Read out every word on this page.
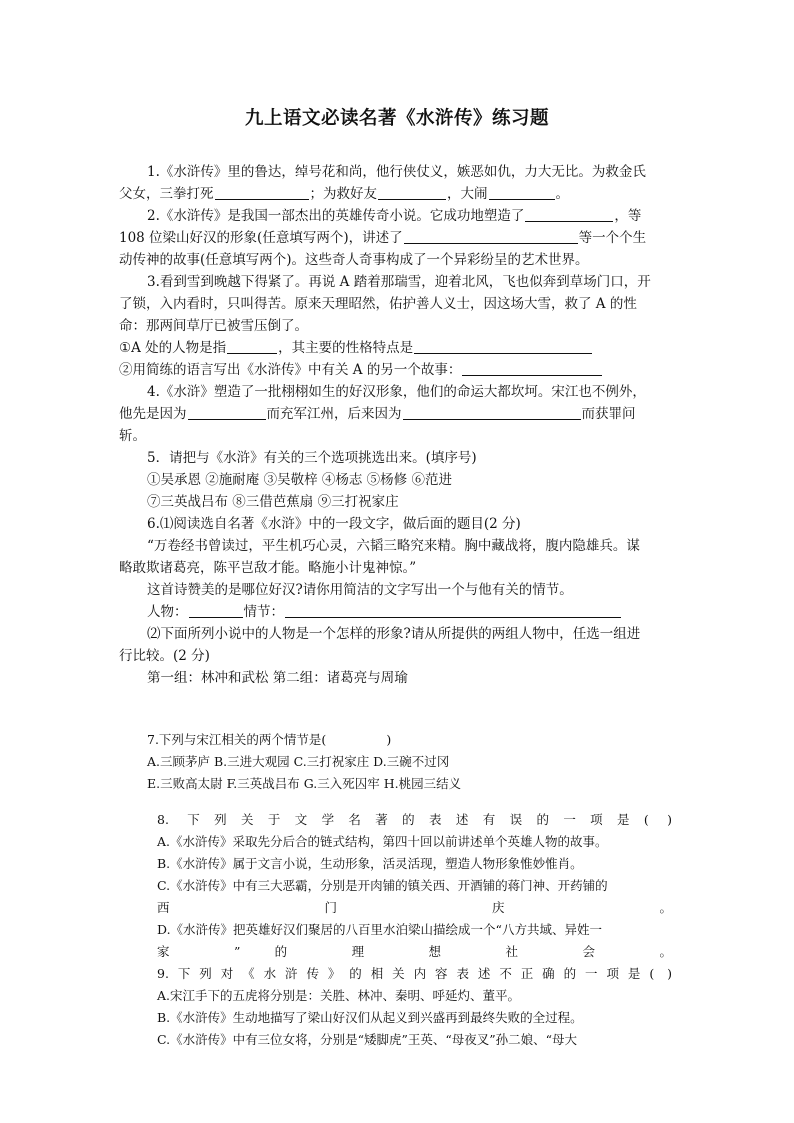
九上语文必读名著《水浒传》练习题
1.《水浒传》里的鲁达，绰号花和尚，他行侠仗义，嫉恶如仇，力大无比。为救金氏
父女，三拳打死	；为救好友	，大闹	。
2.《水浒传》是我国一部杰出的英雄传奇小说。它成功地塑造了	，等
108 位梁山好汉的形象(任意填写两个)，讲述了	等一个个生
动传神的故事(任意填写两个)。这些奇人奇事构成了一个异彩纷呈的艺术世界。
3.看到雪到晚越下得紧了。再说 A 踏着那瑞雪，迎着北风，飞也似奔到草场门口，开
了锁，入内看时，只叫得苦。原来天理昭然，佑护善人义士，因这场大雪，救了 A 的性
命：那两间草厅已被雪压倒了。
①A 处的人物是指	，其主要的性格特点是
②用简练的语言写出《水浒传》中有关 A 的另一个故事：
4.《水浒》塑造了一批栩栩如生的好汉形象，他们的命运大都坎坷。宋江也不例外，
他先是因为	而充军江州，后来因为	而获罪问
斩。
5．请把与《水浒》有关的三个选项挑选出来。(填序号)
①吴承恩 ②施耐庵 ③吴敬梓 ④杨志 ⑤杨修 ⑥范进
⑦三英战吕布 ⑧三借芭蕉扇 ⑨三打祝家庄
6.⑴阅读选自名著《水浒》中的一段文字，做后面的题目(2 分)
“万卷经书曾读过，平生机巧心灵，六韬三略究来精。胸中藏战将，腹内隐雄兵。谋
略敢欺诸葛亮，陈平岂敌才能。略施小计鬼神惊。”
这首诗赞美的是哪位好汉?请你用简洁的文字写出一个与他有关的情节。
人物：	情节：
⑵下面所列小说中的人物是一个怎样的形象?请从所提供的两组人物中，任选一组进
行比较。(2 分)
第一组：林冲和武松 第二组：诸葛亮与周瑜
7.下列与宋江相关的两个情节是(	)
A.三顾茅庐 B.三进大观园 C.三打祝家庄 D.三碗不过冈
E.三败高太尉 F.三英战吕布 G.三入死囚牢 H.桃园三结义
8. 下列关于文学名著的表述有误的一项是( )
A.《水浒传》采取先分后合的链式结构，第四十回以前讲述单个英雄人物的故事。
B.《水浒传》属于文言小说，生动形象，活灵活现，塑造人物形象惟妙惟肖。
C.《水浒传》中有三大恶霸，分别是开肉铺的镇关西、开酒铺的蒋门神、开药铺的
西 门 庆 。
D.《水浒传》把英雄好汉们聚居的八百里水泊梁山描绘成一个“八方共域、异姓一
家 ” 的 理 想 社 会 。
9.下列对《水浒传》的相关内容表述不正确的一项是( )
A.宋江手下的五虎将分别是：关胜、林冲、秦明、呼延灼、董平。
B.《水浒传》生动地描写了梁山好汉们从起义到兴盛再到最终失败的全过程。
C.《水浒传》中有三位女将，分别是“矮脚虎”王英、“母夜叉”孙二娘、“母大
